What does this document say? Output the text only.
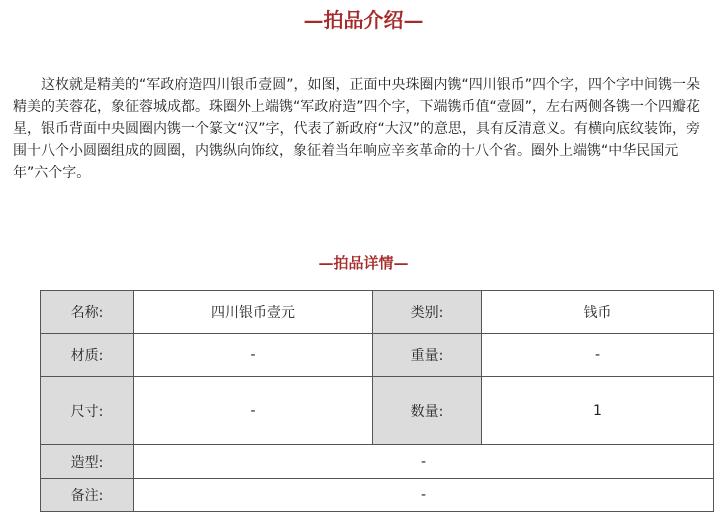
—拍品介绍—

这枚就是精美的“军政府造四川银币壹圆”，如图，正面中央珠圈内镌“四川银币”四个字，四个字中间镌一朵精美的芙蓉花，象征蓉城成都。珠圈外上端镌“军政府造”四个字，下端镌币值“壹圆”，左右两侧各镌一个四瓣花星，银币背面中央圆圈内镌一个篆文“汉”字，代表了新政府“大汉”的意思，具有反清意义。有横向底纹装饰，旁围十八个小圆圈组成的圆圈，内镌纵向饰纹，象征着当年响应辛亥革命的十八个省。圈外上端镌“中华民国元年”六个字。

—拍品详情—
名称:	四川银币壹元	类别:	钱币
材质:	-	重量:	-
尺寸:	-	数量:	1
造型:	-		
备注:	-		
